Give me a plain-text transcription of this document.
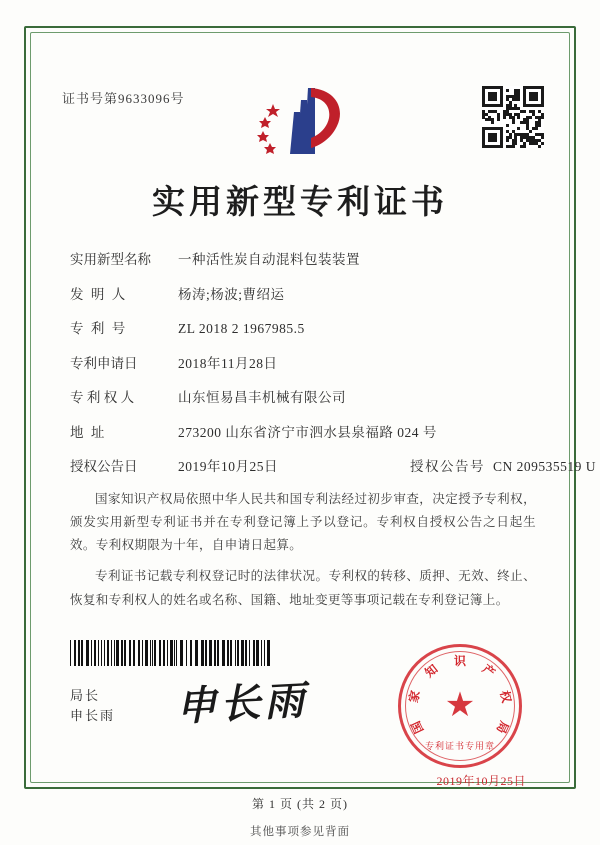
证书号第9633096号
实用新型专利证书
实用新型名称	一种活性炭自动混料包装装置
发 明 人	杨涛;杨波;曹绍运
专 利 号	ZL 2018 2 1967985.5
专利申请日	2018年11月28日
专 利 权 人	山东恒易昌丰机械有限公司
地 址	273200 山东省济宁市泗水县泉福路 024 号
授权公告日	2019年10月25日	授权公告号 CN 209535519 U

国家知识产权局依照中华人民共和国专利法经过初步审查，决定授予专利权，颁发实用新型专利证书并在专利登记簿上予以登记。专利权自授权公告之日起生效。专利权期限为十年，自申请日起算。

专利证书记载专利权登记时的法律状况。专利权的转移、质押、无效、终止、恢复和专利权人的姓名或名称、国籍、地址变更等事项记载在专利登记簿上。

局长
申长雨 申长雨	★
国
家
知
识
产
权
局
专利证书专用章
2019年10月25日
第 1 页 (共 2 页)
其他事项参见背面
